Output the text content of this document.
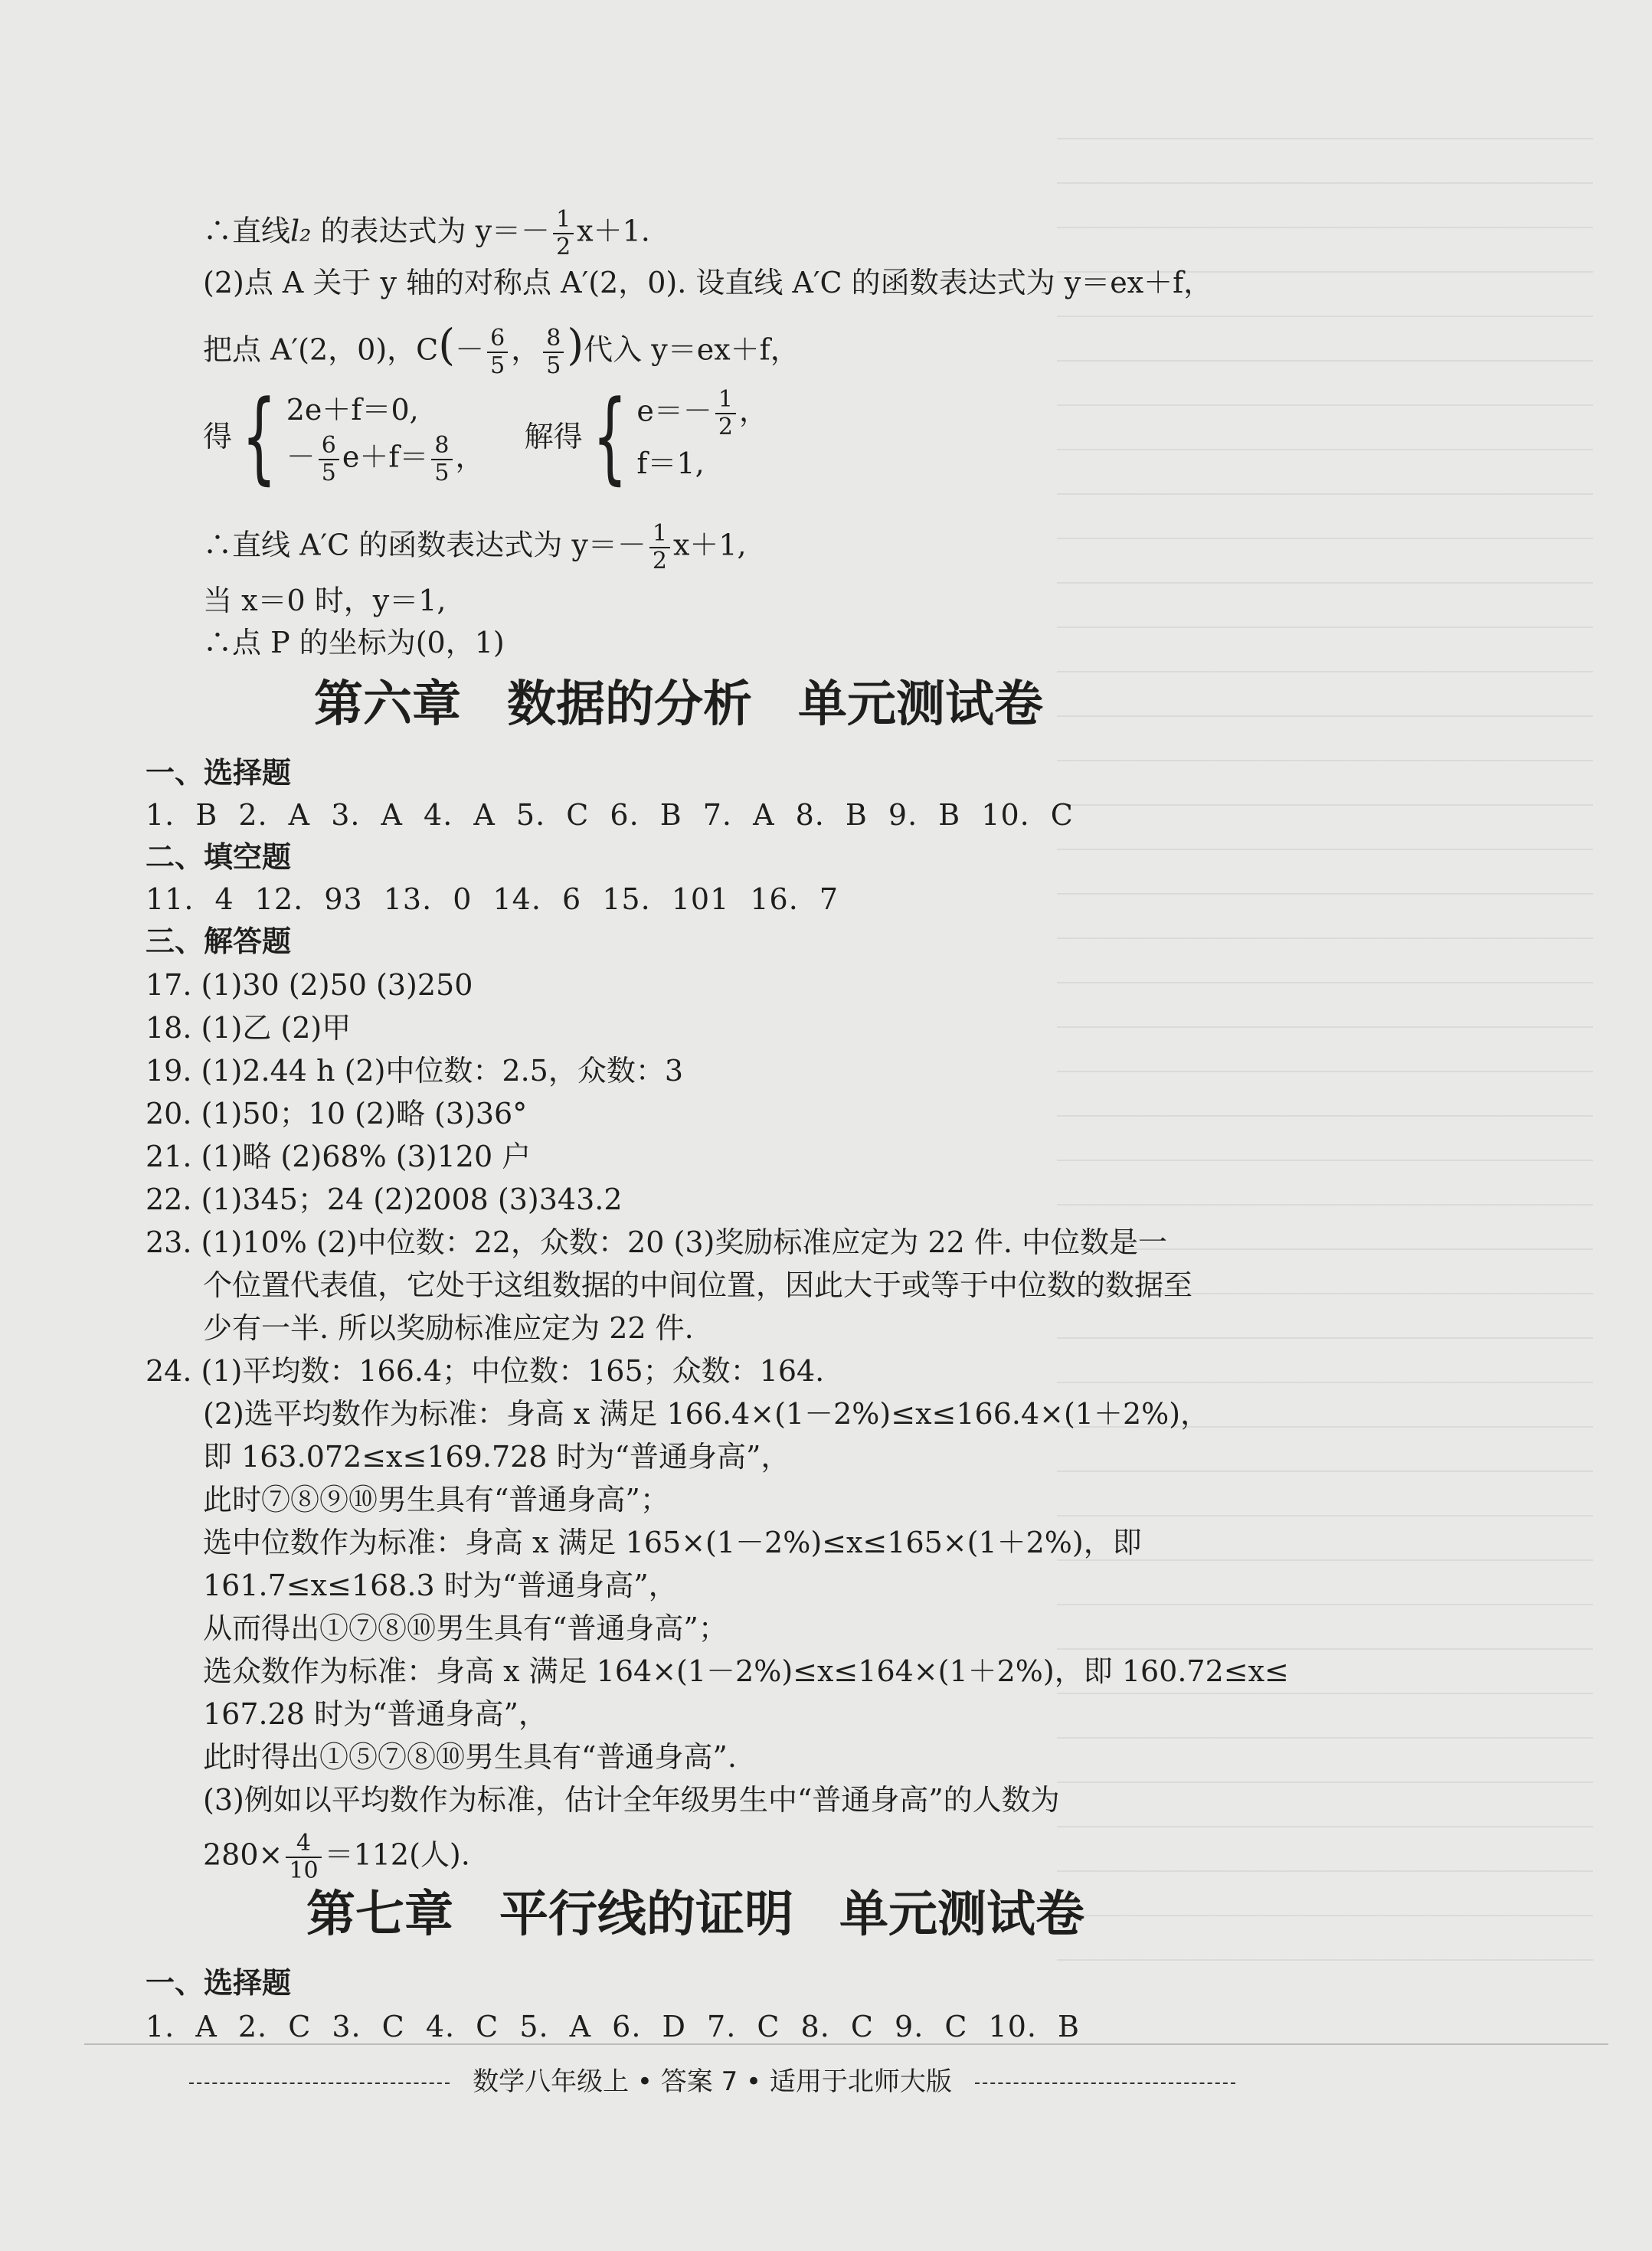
∴直线l₂ 的表达式为 $y=- \frac{1}{2} x+1$.
(2)点 A 关于 y 轴的对称点 A′(2，0). 设直线 A′C 的函数表达式为 y＝ex＋f，
把点 A′(2，0)，$C(- \frac{6}{5}$ ， $\frac{8}{5}$ )代入 y＝ex＋f，
得{ 2e＋f＝0,
－ $\frac{6}{5} e+f= \frac{8}{5}$ ，
解得{ $e=- \frac{1}{2}$ ，
f＝1,
∴直线 A′C 的函数表达式为 $y=- \frac{1}{2} x+1$,
当 x＝0 时，y＝1,
∴点 P 的坐标为(0，1)
第六章 数据的分析 单元测试卷
一、选择题
1. B 2. A 3. A 4. A 5. C 6. B 7. A 8. B 9. B 10. C
二、填空题
11. 4 12. 93 13. 0 14. 6 15. 101 16. 7
三、解答题
17. (1)30 (2)50 (3)250
18. (1)乙 (2)甲
19. (1)2.44 h (2)中位数：2.5，众数：3
20. (1)50；10 (2)略 (3)36°
21. (1)略 (2)68% (3)120 户
22. (1)345；24 (2)2008 (3)343.2
23. (1)10% (2)中位数：22，众数：20 (3)奖励标准应定为 22 件. 中位数是一
个位置代表值，它处于这组数据的中间位置，因此大于或等于中位数的数据至
少有一半. 所以奖励标准应定为 22 件.
24. (1)平均数：166.4；中位数：165；众数：164.
(2)选平均数作为标准：身高 x 满足 166.4×(1－2%)≤x≤166.4×(1＋2%)，
即 163.072≤x≤169.728 时为“普通身高”，
此时⑦⑧⑨⑩男生具有“普通身高”；
选中位数作为标准：身高 x 满足 165×(1－2%)≤x≤165×(1＋2%)，即
161.7≤x≤168.3 时为“普通身高”，
从而得出①⑦⑧⑩男生具有“普通身高”；
选众数作为标准：身高 x 满足 164×(1－2%)≤x≤164×(1＋2%)，即 160.72≤x≤
167.28 时为“普通身高”，
此时得出①⑤⑦⑧⑩男生具有“普通身高”.
(3)例如以平均数作为标准，估计全年级男生中“普通身高”的人数为
$280\times \frac{4}{10} =112$(人).
第七章 平行线的证明 单元测试卷
一、选择题
1. A 2. C 3. C 4. C 5. A 6. D 7. C 8. C 9. C 10. B
数学八年级上 • 答案 7 • 适用于北师大版
